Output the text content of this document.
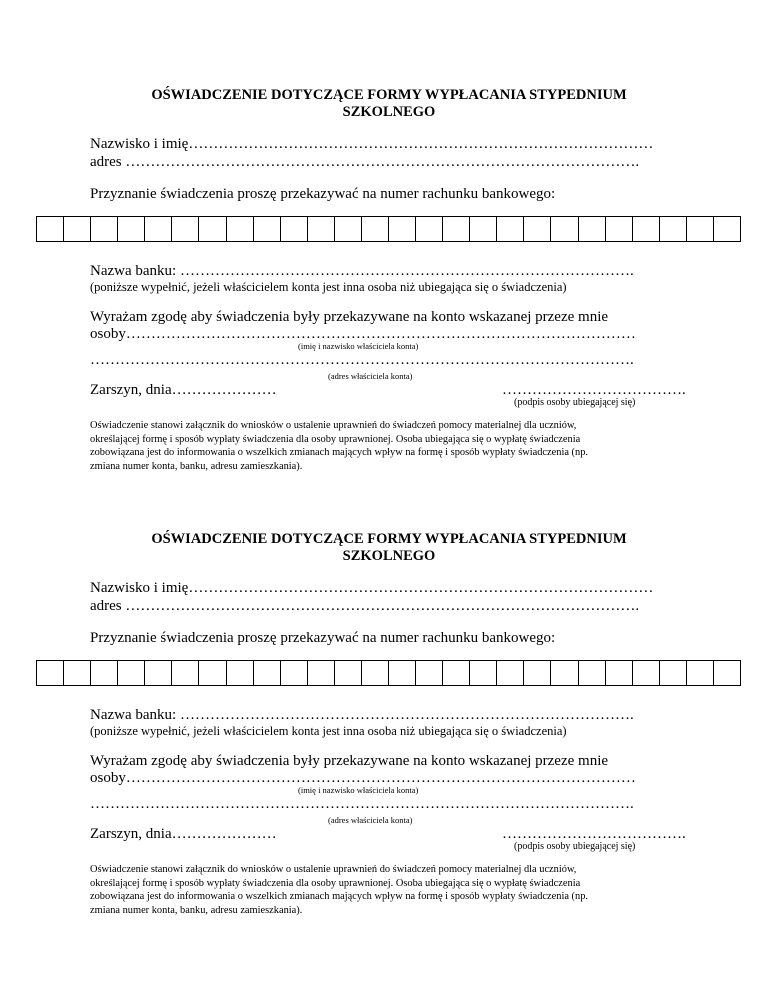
OŚWIADCZENIE DOTYCZĄCE FORMY WYPŁACANIA STYPEDNIUM
SZKOLNEGO
Nazwisko i imię…………………………………………………………………………………
adres ………………………………………………………………………………………….
Przyznanie świadczenia proszę przekazywać na numer rachunku bankowego:
Nazwa banku: ……………………………………………………………………………….
(poniższe wypełnić, jeżeli właścicielem konta jest inna osoba niż ubiegająca się o świadczenia)
Wyrażam zgodę aby świadczenia były przekazywane na konto wskazanej przeze mnie
osoby…………………………………………………………………………………………
(imię i nazwisko właściciela konta)
……………………………………………………………………………………………….
(adres właściciela konta)
Zarszyn, dnia…………………	……………………………….
(podpis osoby ubiegającej się)
Oświadczenie stanowi załącznik do wniosków o ustalenie uprawnień do świadczeń pomocy materialnej dla uczniów,
określającej formę i sposób wypłaty świadczenia dla osoby uprawnionej. Osoba ubiegająca się o wypłatę świadczenia
zobowiązana jest do informowania o wszelkich zmianach mających wpływ na formę i sposób wypłaty świadczenia (np.
zmiana numer konta, banku, adresu zamieszkania).
OŚWIADCZENIE DOTYCZĄCE FORMY WYPŁACANIA STYPEDNIUM
SZKOLNEGO
Nazwisko i imię…………………………………………………………………………………
adres ………………………………………………………………………………………….
Przyznanie świadczenia proszę przekazywać na numer rachunku bankowego:
Nazwa banku: ……………………………………………………………………………….
(poniższe wypełnić, jeżeli właścicielem konta jest inna osoba niż ubiegająca się o świadczenia)
Wyrażam zgodę aby świadczenia były przekazywane na konto wskazanej przeze mnie
osoby…………………………………………………………………………………………
(imię i nazwisko właściciela konta)
……………………………………………………………………………………………….
(adres właściciela konta)
Zarszyn, dnia…………………	……………………………….
(podpis osoby ubiegającej się)
Oświadczenie stanowi załącznik do wniosków o ustalenie uprawnień do świadczeń pomocy materialnej dla uczniów,
określającej formę i sposób wypłaty świadczenia dla osoby uprawnionej. Osoba ubiegająca się o wypłatę świadczenia
zobowiązana jest do informowania o wszelkich zmianach mających wpływ na formę i sposób wypłaty świadczenia (np.
zmiana numer konta, banku, adresu zamieszkania).
